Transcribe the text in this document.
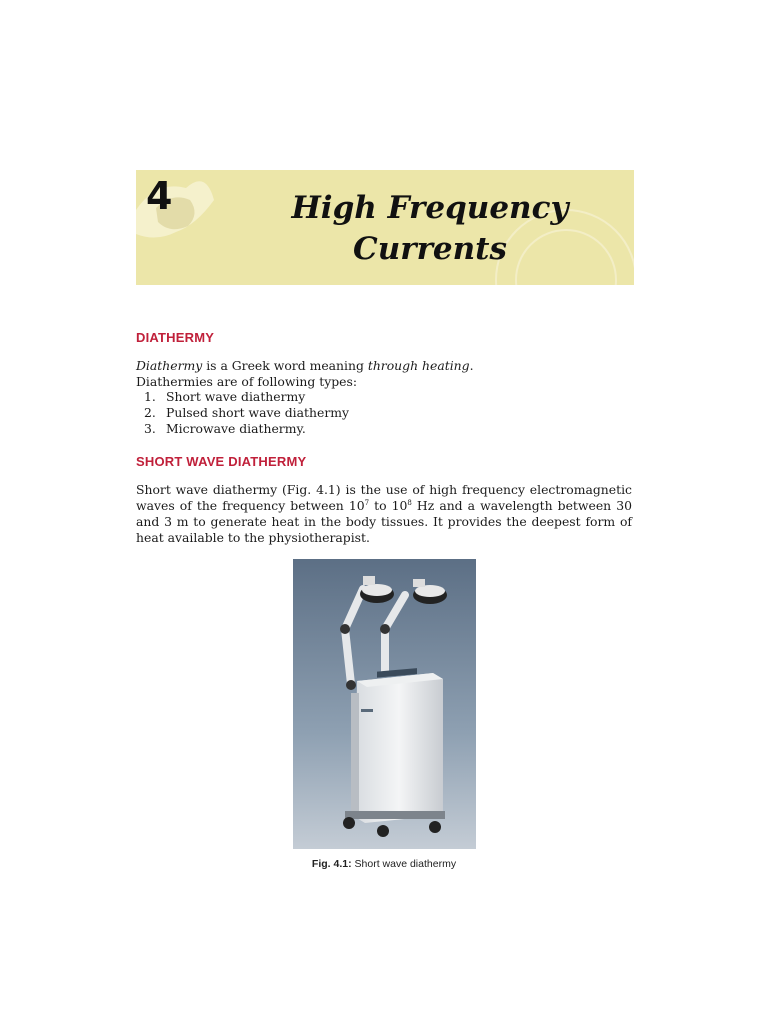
4	High Frequency
Currents
DIATHERMY
Diathermy is a Greek word meaning through heating.
Diathermies are of following types:
1. Short wave diathermy
2. Pulsed short wave diathermy
3. Microwave diathermy.
SHORT WAVE DIATHERMY
Short wave diathermy (Fig. 4.1) is the use of high frequency electromagnetic waves of the frequency between $10^7$ to $10^8$ Hz and a wavelength between 30 and 3 m to generate heat in the body tissues. It provides the deepest form of heat available to the physiotherapist.
Fig. 4.1: Short wave diathermy
